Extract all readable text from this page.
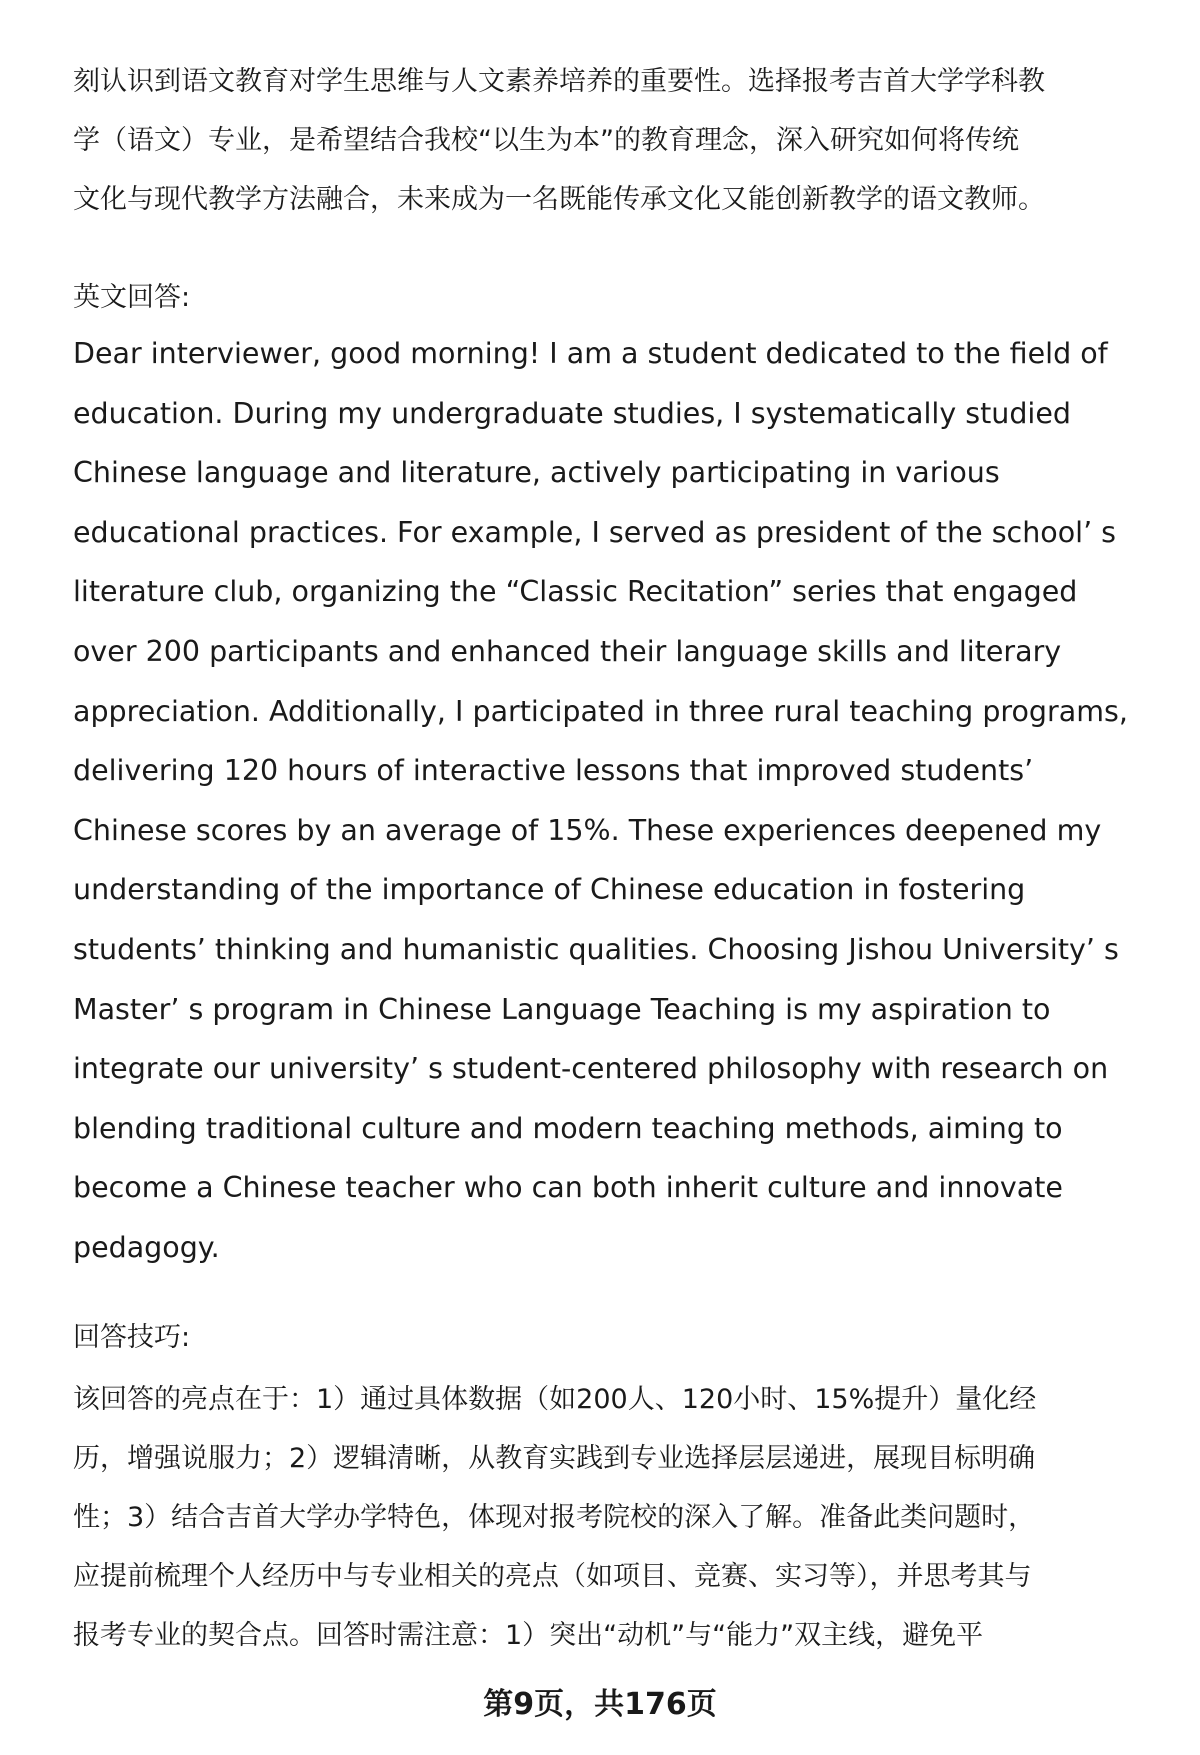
刻认识到语文教育对学生思维与人文素养培养的重要性。选择报考吉首大学学科教
学（语文）专业，是希望结合我校“以生为本”的教育理念，深入研究如何将传统
文化与现代教学方法融合，未来成为一名既能传承文化又能创新教学的语文教师。
英文回答:
Dear interviewer, good morning! I am a student dedicated to the field of
education. During my undergraduate studies, I systematically studied
Chinese language and literature, actively participating in various
educational practices. For example, I served as president of the school’ s
literature club, organizing the “Classic Recitation” series that engaged
over 200 participants and enhanced their language skills and literary
appreciation. Additionally, I participated in three rural teaching programs,
delivering 120 hours of interactive lessons that improved students’
Chinese scores by an average of 15%. These experiences deepened my
understanding of the importance of Chinese education in fostering
students’ thinking and humanistic qualities. Choosing Jishou University’ s
Master’ s program in Chinese Language Teaching is my aspiration to
integrate our university’ s student-centered philosophy with research on
blending traditional culture and modern teaching methods, aiming to
become a Chinese teacher who can both inherit culture and innovate
pedagogy.
回答技巧:
该回答的亮点在于：1）通过具体数据（如200人、120小时、15%提升）量化经
历，增强说服力；2）逻辑清晰，从教育实践到专业选择层层递进，展现目标明确
性；3）结合吉首大学办学特色，体现对报考院校的深入了解。准备此类问题时，
应提前梳理个人经历中与专业相关的亮点（如项目、竞赛、实习等），并思考其与
报考专业的契合点。回答时需注意：1）突出“动机”与“能力”双主线，避免平
第9页，共176页
